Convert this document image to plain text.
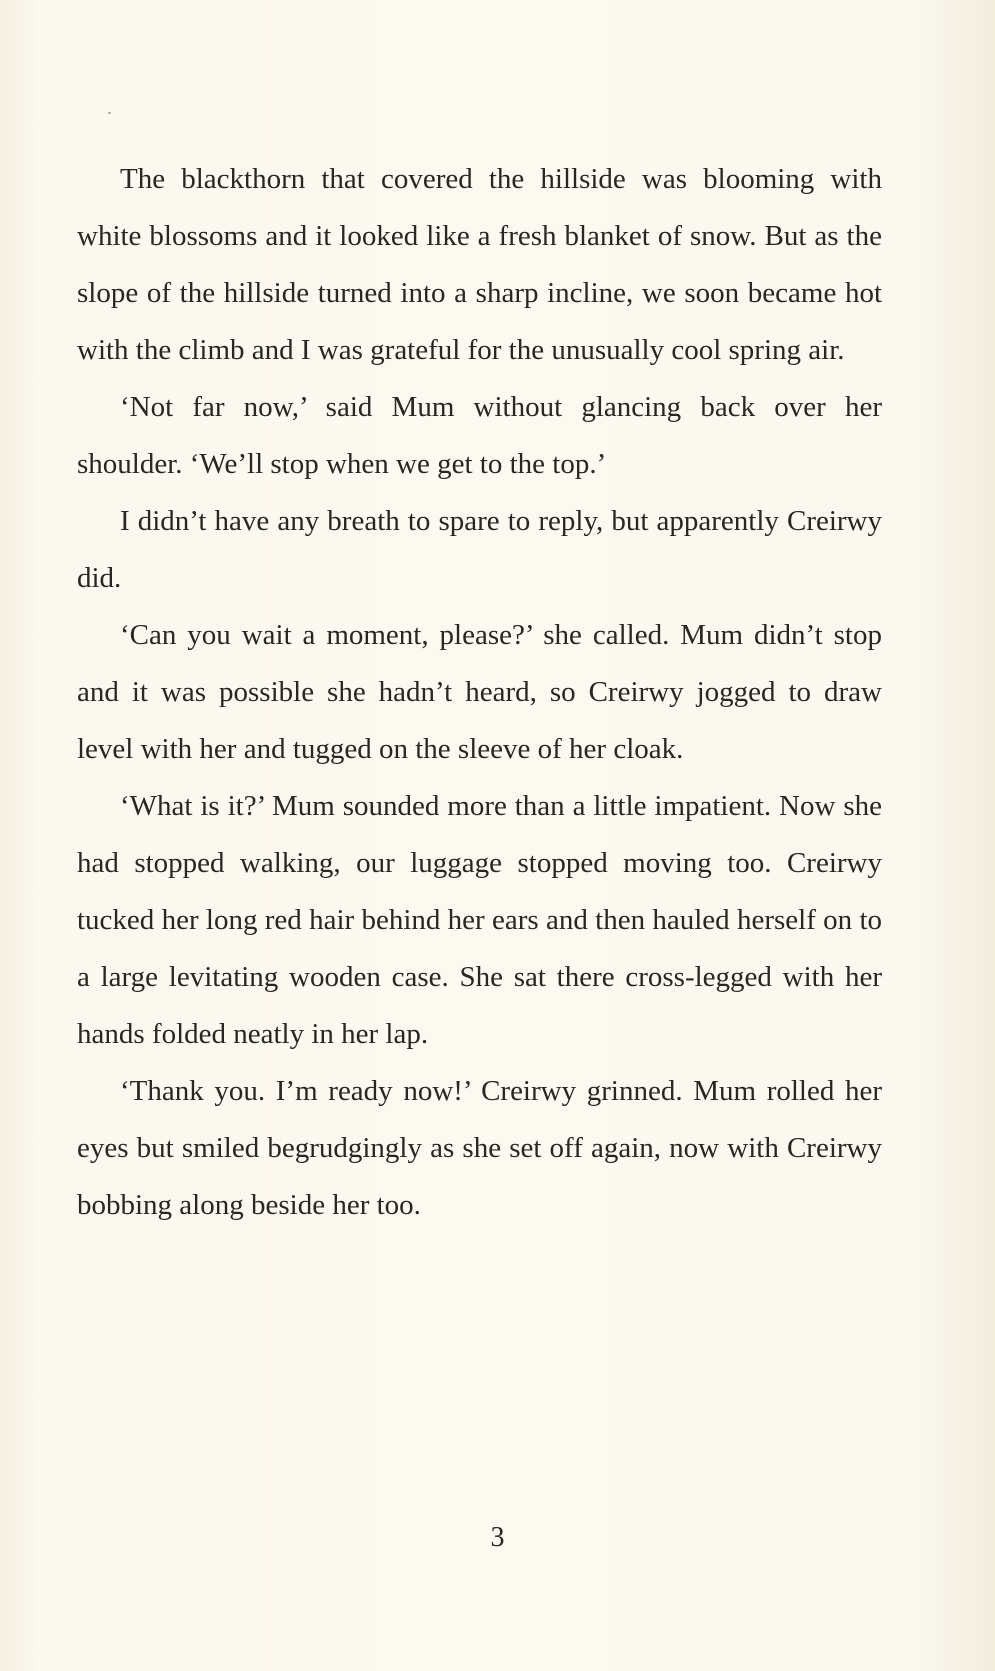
The blackthorn that covered the hillside was blooming with white blossoms and it looked like a fresh blanket of snow. But as the slope of the hillside turned into a sharp incline, we soon became hot with the climb and I was grateful for the unusually cool spring air.

‘Not far now,’ said Mum without glancing back over her shoulder. ‘We’ll stop when we get to the top.’

I didn’t have any breath to spare to reply, but apparently Creirwy did.

‘Can you wait a moment, please?’ she called. Mum didn’t stop and it was possible she hadn’t heard, so Creirwy jogged to draw level with her and tugged on the sleeve of her cloak.

‘What is it?’ Mum sounded more than a little impatient. Now she had stopped walking, our luggage stopped moving too. Creirwy tucked her long red hair behind her ears and then hauled herself on to a large levitating wooden case. She sat there cross-legged with her hands folded neatly in her lap.

‘Thank you. I’m ready now!’ Creirwy grinned. Mum rolled her eyes but smiled begrudgingly as she set off again, now with Creirwy bobbing along beside her too.

3
